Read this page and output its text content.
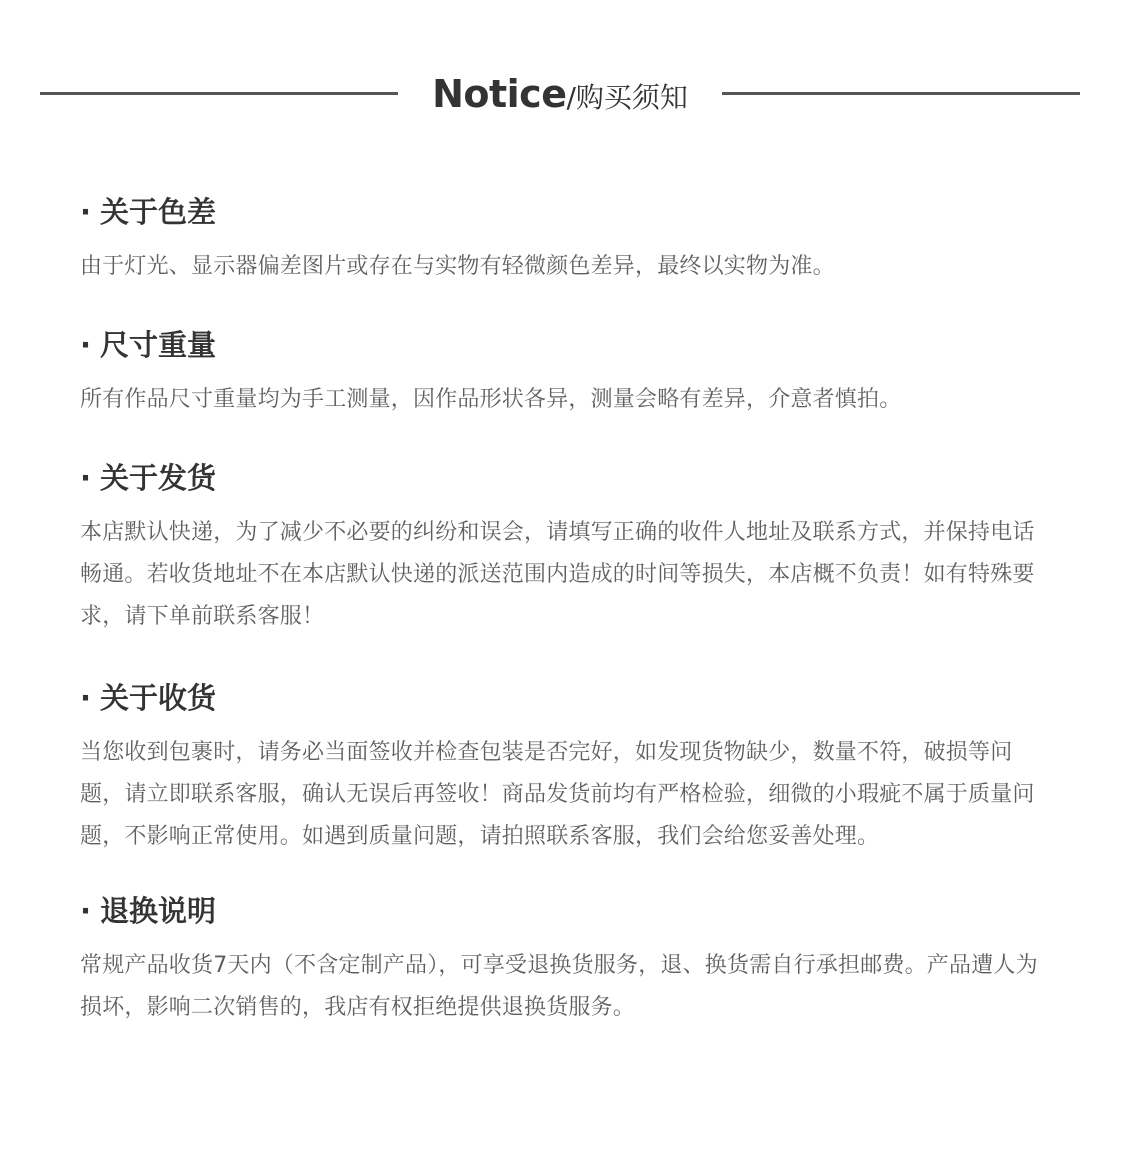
Notice/购买须知
· 关于色差

由于灯光、显示器偏差图片或存在与实物有轻微颜色差异，最终以实物为准。

· 尺寸重量

所有作品尺寸重量均为手工测量，因作品形状各异，测量会略有差异，介意者慎拍。

· 关于发货

本店默认快递，为了减少不必要的纠纷和误会，请填写正确的收件人地址及联系方式，并保持电话畅通。若收货地址不在本店默认快递的派送范围内造成的时间等损失，本店概不负责！如有特殊要求，请下单前联系客服！

· 关于收货

当您收到包裹时，请务必当面签收并检查包装是否完好，如发现货物缺少，数量不符，破损等问题，请立即联系客服，确认无误后再签收！商品发货前均有严格检验，细微的小瑕疵不属于质量问题，不影响正常使用。如遇到质量问题，请拍照联系客服，我们会给您妥善处理。

· 退换说明

常规产品收货7天内（不含定制产品），可享受退换货服务，退、换货需自行承担邮费。产品遭人为损坏，影响二次销售的，我店有权拒绝提供退换货服务。
